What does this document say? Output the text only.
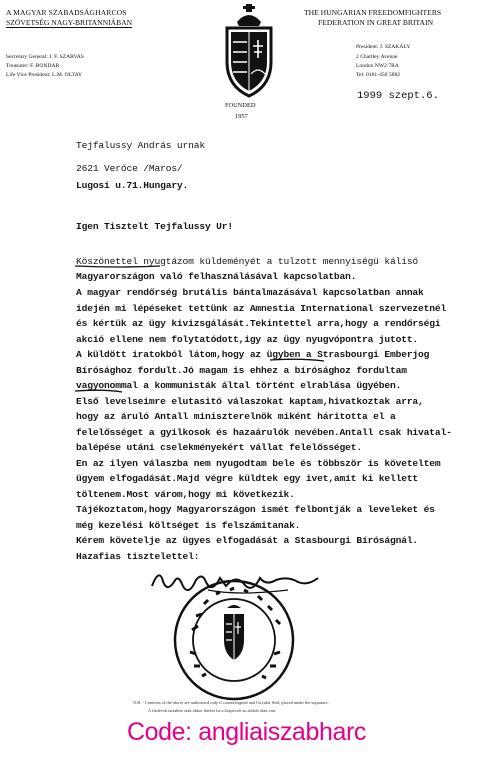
A MAGYAR SZABADSÁGHARCOS
SZÖVETSÉG NAGY-BRITANNIÁBAN
Secretary General: J. F. SZARVAS
Treasurer: F. BONDAR
Life Vice President: L.M. OLTAY
FOUNDED
1957
THE HUNGARIAN FREEDOMFIGHTERS
FEDERATION IN GREAT BRITAIN
President: J. SZAKÁLY
2 Chartley Avenue
London NW2 7RA
Tel: 0181-450 5882
1999 szept.6.
Tejfalussy András urnak
2621 Verőce /Maros/
Lugosi u.71.Hungary.
Igen Tisztelt Tejfalussy Ur!
Köszönettel nyugtázom küldeményét a tulzott mennyiségü káliső
Magyarországon való felhasználásával kapcsolatban.
A magyar rendőrség brutális bántalmazásával kapcsolatban annak
idején mi lépéseket tettünk az Amnestia International szervezetnél
és kértük az ügy kivizsgálását.Tekintettel arra,hogy a rendőrségi
akció ellene nem folytatódott,igy az ügy nyugvópontra jutott.
A küldött iratokból látom,hogy az ügyben a Strasbourgi Emberjog
Bírósághoz fordult.Jó magam is ehhez a bírósághoz fordultam
vagyonommal a kommunisták által történt elrablása ügyében.
Első levelseimre elutasitó válaszokat kaptam,hivatkoztak arra,
hogy az áruló Antall miniszterelnök miként háritotta el a
felelősséget a gyilkosok és hazaárulók nevében.Antall csak hivatal-
balépése utáni cselekményekért vállat felelősséget.
En az ilyen válaszba nem nyugodtam bele és többször is követeltem
ügyem elfogadását.Majd végre küldtek egy ivet,amit ki kellett
töltenem.Most várom,hogy mi következik.
Tájékoztatom,hogy Magyarországon ismét felbontják a leveleket és
még kezelési költséget is felszámitanak.
Kérem követelje az ügyes elfogadását a Stasbourgi Bíróságnál.
Hazafias tisztelettel:
N.B. - Contents of the above are authorised only if countersigned and Circular Seal, placed under the signature.
A fenlevek tartalma csak akkor hiteles ha a körpecsét az aláírás alatt van.
Code: angliaiszabharc
